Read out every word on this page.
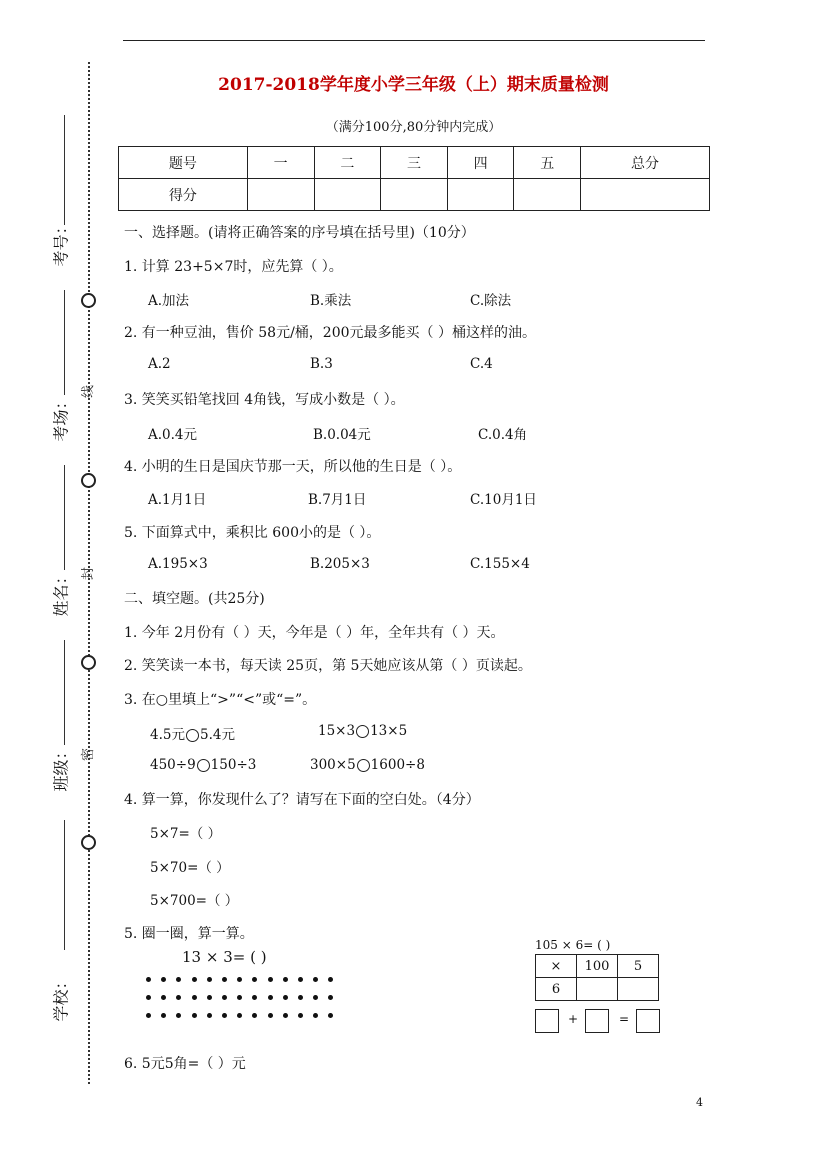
考号：
考场：
姓名：
班级：
学校：
线
封
密
2017-2018学年度小学三年级（上）期末质量检测
（满分100分,80分钟内完成）
题号	一	二	三	四	五	总分
得分						
一、选择题。(请将正确答案的序号填在括号里)（10分）
1. 计算 23+5×7时，应先算（ ）。
A.加法	B.乘法	C.除法
2. 有一种豆油，售价 58元/桶，200元最多能买（ ）桶这样的油。
A.2	B.3	C.4
3. 笑笑买铅笔找回 4角钱，写成小数是（ ）。
A.0.4元	B.0.04元	C.0.4角
4. 小明的生日是国庆节那一天，所以他的生日是（ ）。
A.1月1日	B.7月1日	C.10月1日
5. 下面算式中，乘积比 600小的是（ ）。
A.195×3	B.205×3	C.155×4
二、填空题。(共25分)
1. 今年 2月份有（ ）天，今年是（ ）年，全年共有（ ）天。
2. 笑笑读一本书，每天读 25页，第 5天她应该从第（ ）页读起。
3. 在○里填上“>”“<”或“=”。
4.5元 5.4元	15×3 13×5
450÷9 150÷3	300×5 1600÷8
4. 算一算，你发现什么了？请写在下面的空白处。（4分）
5×7=（ ）
5×70=（ ）
5×700=（ ）
5. 圈一圈，算一算。
13 × 3= ( )
105 × 6= ( )
×	100	5
6		
+	=
6. 5元5角=（ ）元
4
